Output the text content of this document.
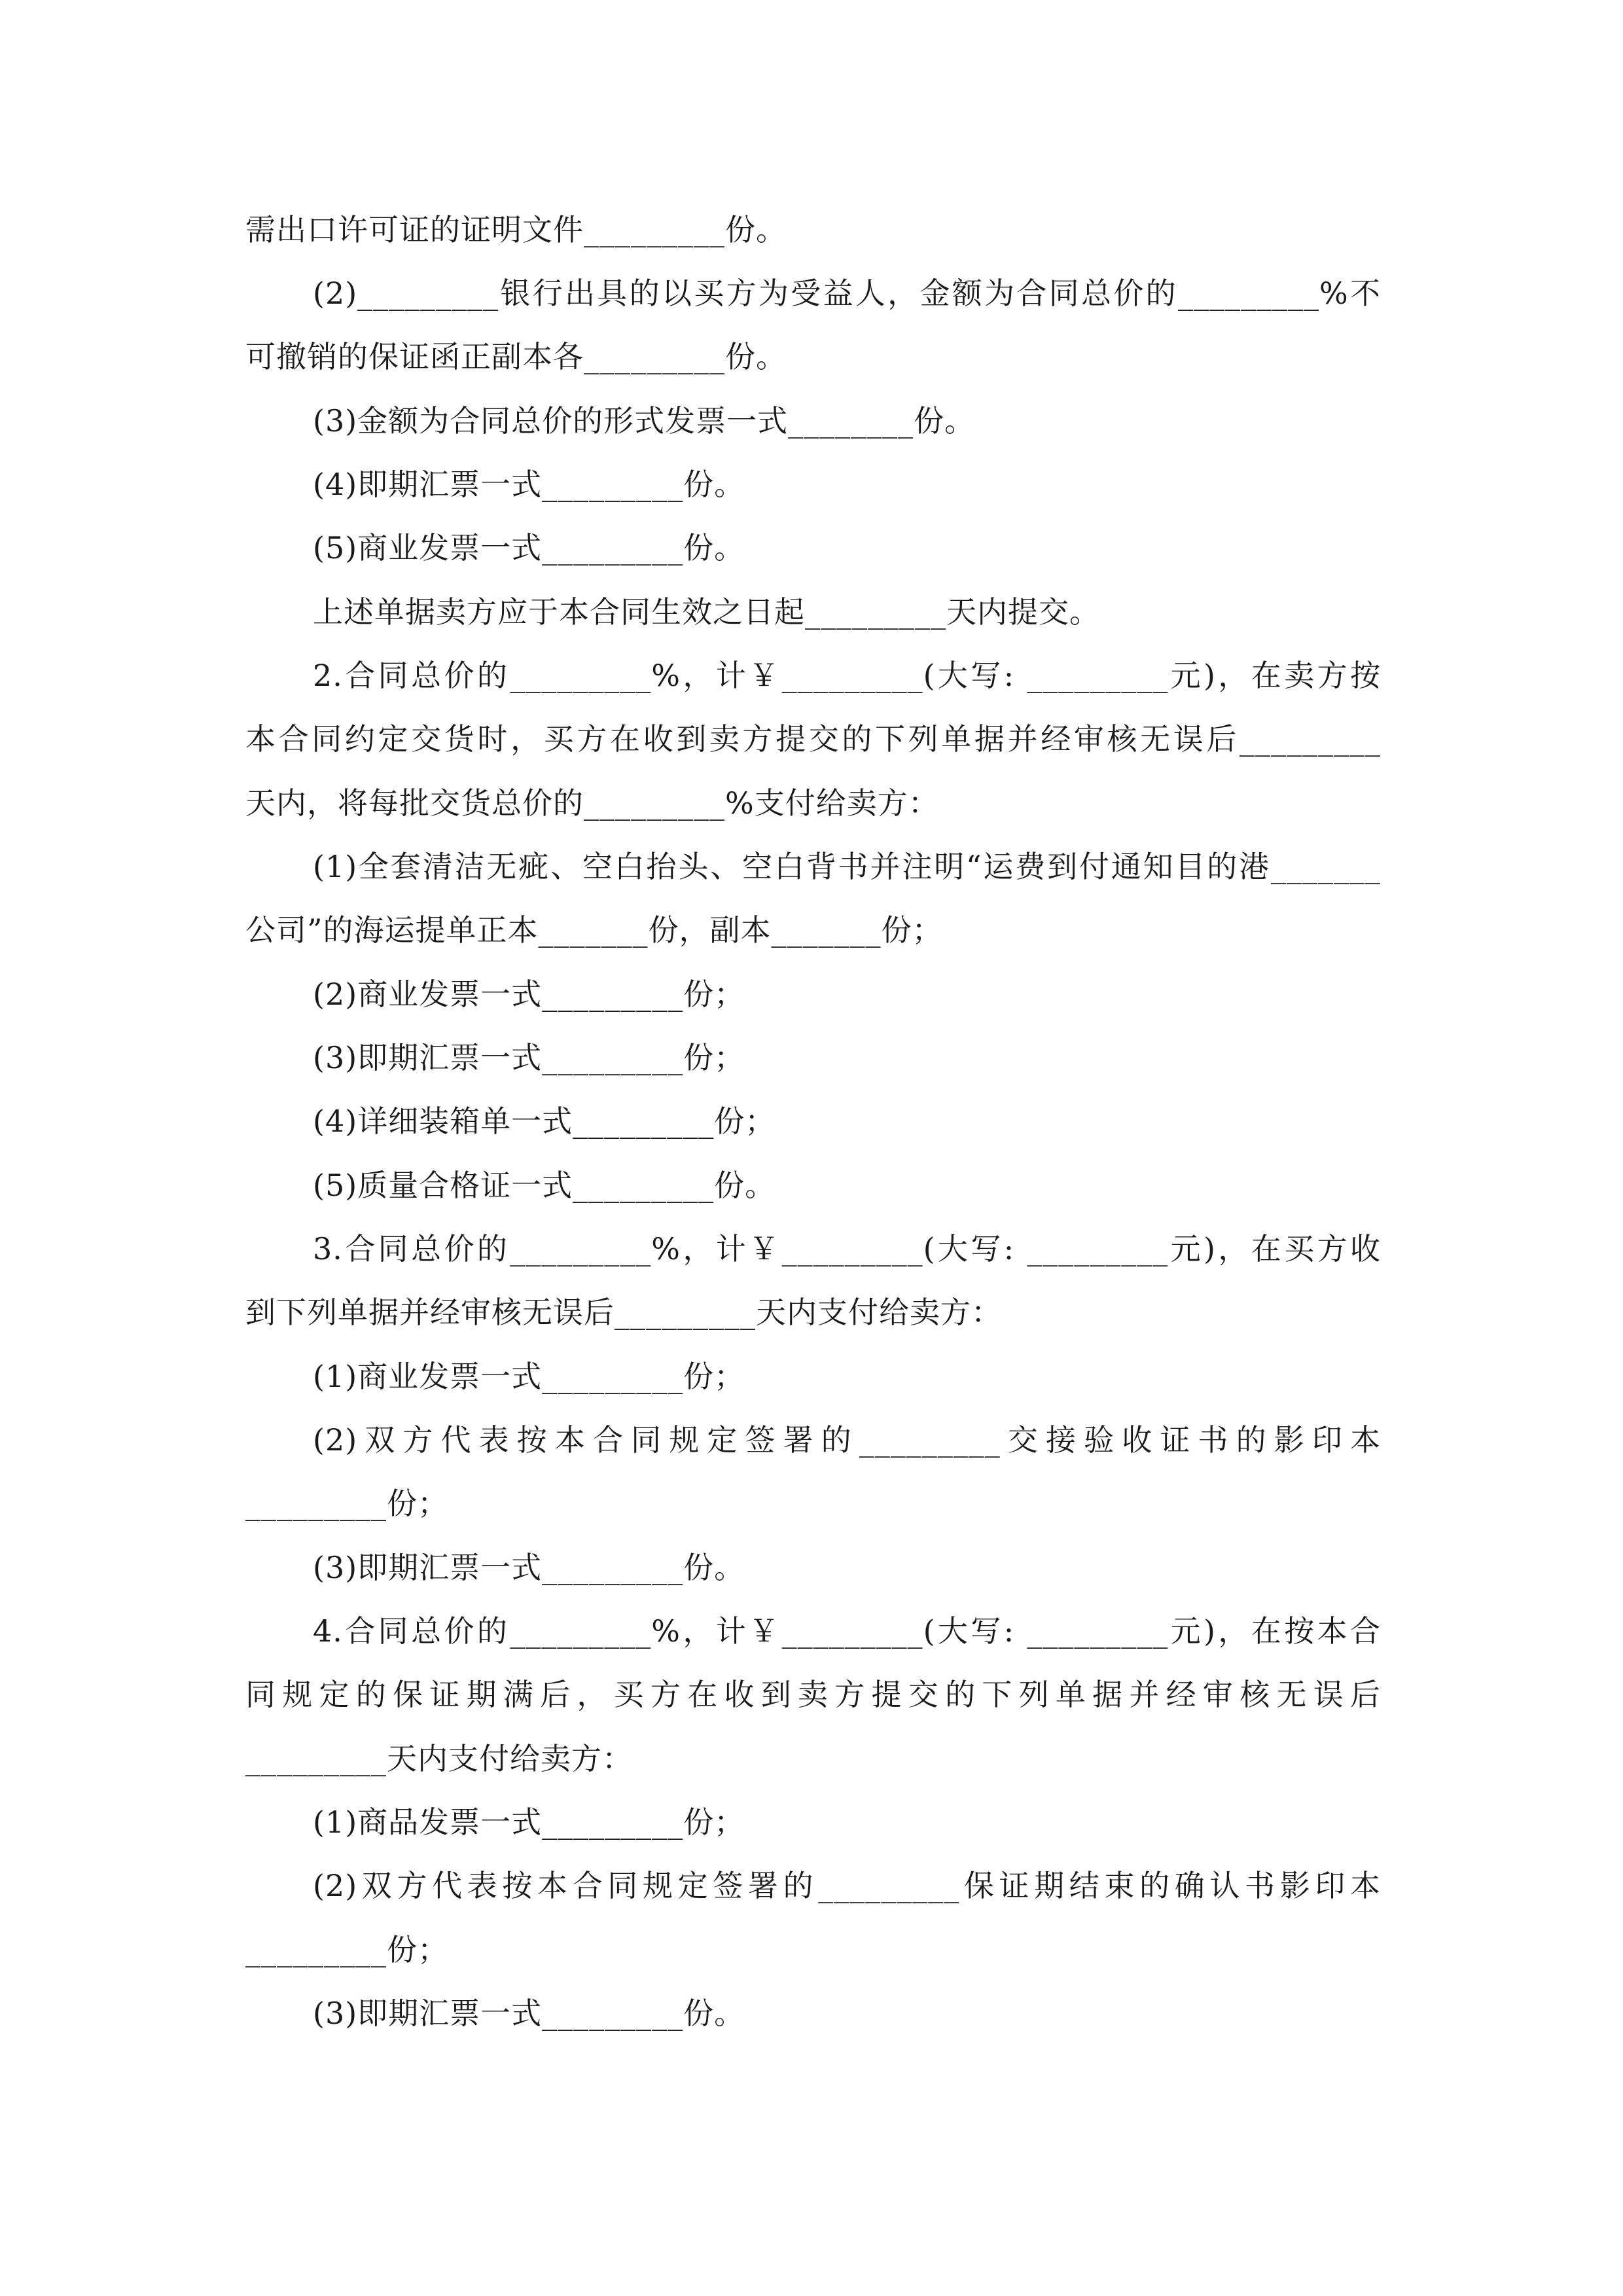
需出口许可证的证明文件_________份。
(2)_________银行出具的以买方为受益人，金额为合同总价的_________%不
可撤销的保证函正副本各_________份。
(3)金额为合同总价的形式发票一式________份。
(4)即期汇票一式_________份。
(5)商业发票一式_________份。
上述单据卖方应于本合同生效之日起_________天内提交。
2.合同总价的_________%，计￥_________(大写: _________元)，在卖方按
本合同约定交货时，买方在收到卖方提交的下列单据并经审核无误后_________
天内，将每批交货总价的_________%支付给卖方：
(1)全套清洁无疵、空白抬头、空白背书并注明“运费到付通知目的港_______
公司”的海运提单正本_______份，副本_______份；
(2)商业发票一式_________份；
(3)即期汇票一式_________份；
(4)详细装箱单一式_________份；
(5)质量合格证一式_________份。
3.合同总价的_________%，计￥_________(大写: _________元)，在买方收
到下列单据并经审核无误后_________天内支付给卖方：
(1)商业发票一式_________份；
(2)双方代表按本合同规定签署的_________交接验收证书的影印本
_________份；
(3)即期汇票一式_________份。
4.合同总价的_________%，计￥_________(大写: _________元)，在按本合
同规定的保证期满后，买方在收到卖方提交的下列单据并经审核无误后
_________天内支付给卖方：
(1)商品发票一式_________份；
(2)双方代表按本合同规定签署的_________保证期结束的确认书影印本
_________份；
(3)即期汇票一式_________份。
